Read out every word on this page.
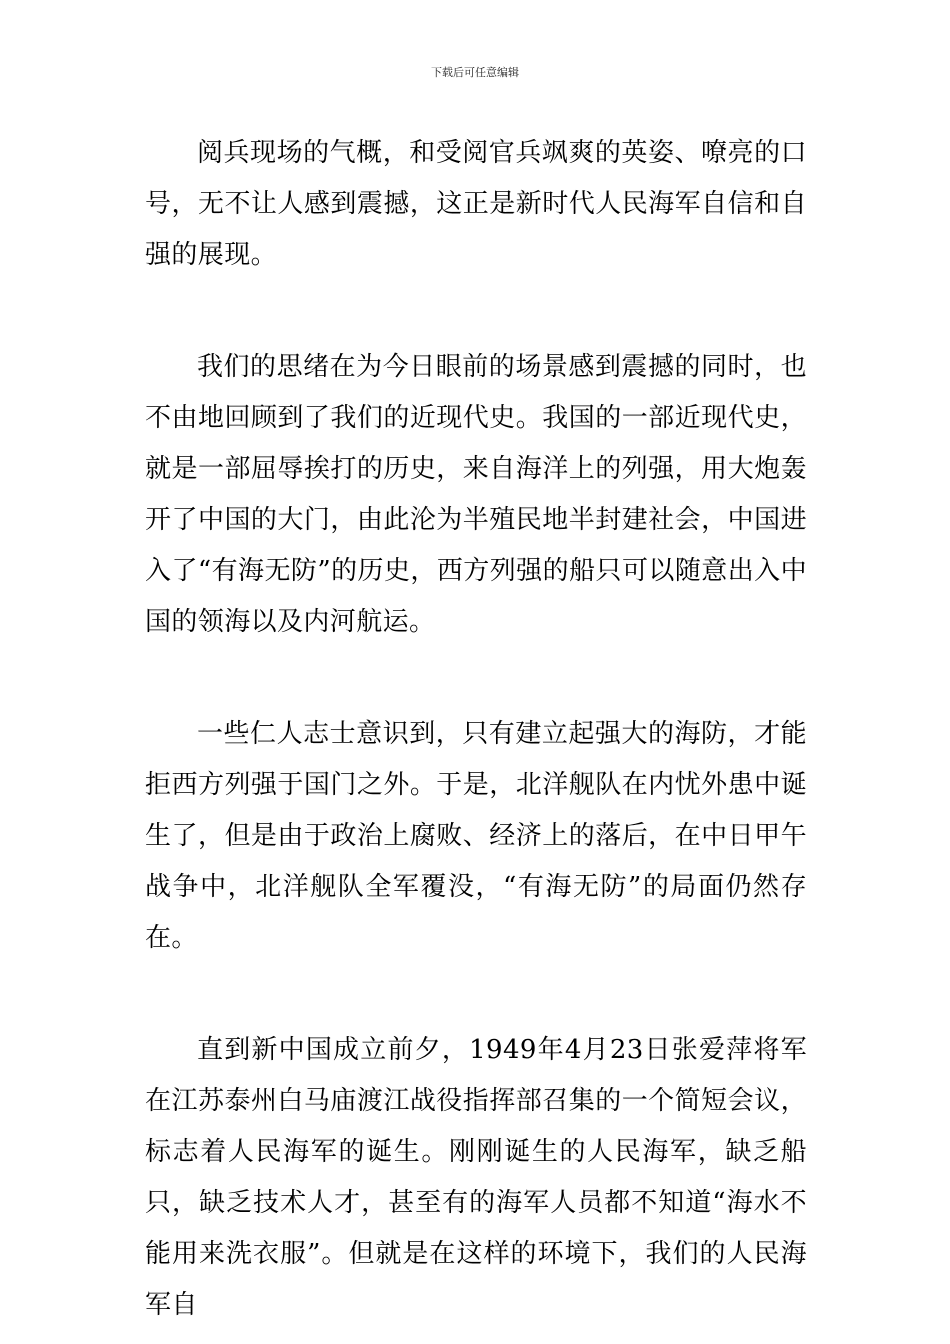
下载后可任意编辑

阅兵现场的气概，和受阅官兵飒爽的英姿、嘹亮的口号，无不让人感到震撼，这正是新时代人民海军自信和自强的展现。

我们的思绪在为今日眼前的场景感到震撼的同时，也不由地回顾到了我们的近现代史。我国的一部近现代史，就是一部屈辱挨打的历史，来自海洋上的列强，用大炮轰开了中国的大门，由此沦为半殖民地半封建社会，中国进入了“有海无防”的历史，西方列强的船只可以随意出入中国的领海以及内河航运。

一些仁人志士意识到，只有建立起强大的海防，才能拒西方列强于国门之外。于是，北洋舰队在内忧外患中诞生了，但是由于政治上腐败、经济上的落后，在中日甲午战争中，北洋舰队全军覆没，“有海无防”的局面仍然存在。

直到新中国成立前夕，1949年4月23日张爱萍将军在江苏泰州白马庙渡江战役指挥部召集的一个简短会议，标志着人民海军的诞生。刚刚诞生的人民海军，缺乏船只，缺乏技术人才，甚至有的海军人员都不知道“海水不能用来洗衣服”。但就是在这样的环境下，我们的人民海军自
